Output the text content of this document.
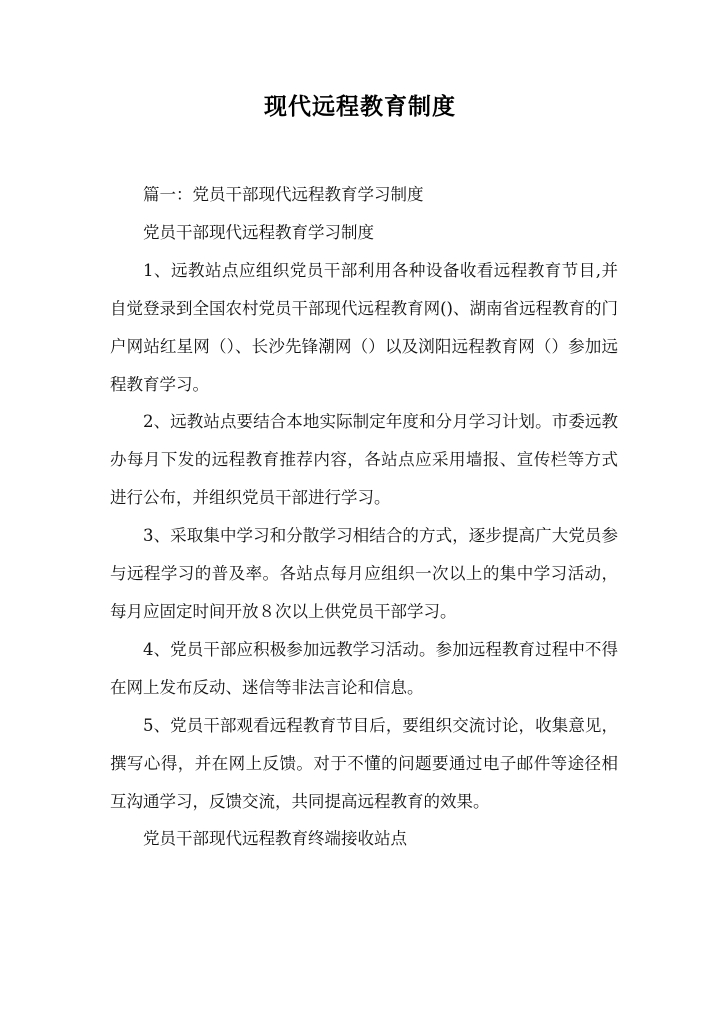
现代远程教育制度

篇一：党员干部现代远程教育学习制度

党员干部现代远程教育学习制度

1、远教站点应组织党员干部利用各种设备收看远程教育节目,并自觉登录到全国农村党员干部现代远程教育网()、湖南省远程教育的门户网站红星网（）、长沙先锋潮网（）以及浏阳远程教育网（）参加远程教育学习。

2、远教站点要结合本地实际制定年度和分月学习计划。市委远教办每月下发的远程教育推荐内容，各站点应采用墙报、宣传栏等方式进行公布，并组织党员干部进行学习。

3、采取集中学习和分散学习相结合的方式，逐步提高广大党员参与远程学习的普及率。各站点每月应组织一次以上的集中学习活动，每月应固定时间开放８次以上供党员干部学习。

4、党员干部应积极参加远教学习活动。参加远程教育过程中不得在网上发布反动、迷信等非法言论和信息。

5、党员干部观看远程教育节目后，要组织交流讨论，收集意见，撰写心得，并在网上反馈。对于不懂的问题要通过电子邮件等途径相互沟通学习，反馈交流，共同提高远程教育的效果。

党员干部现代远程教育终端接收站点
